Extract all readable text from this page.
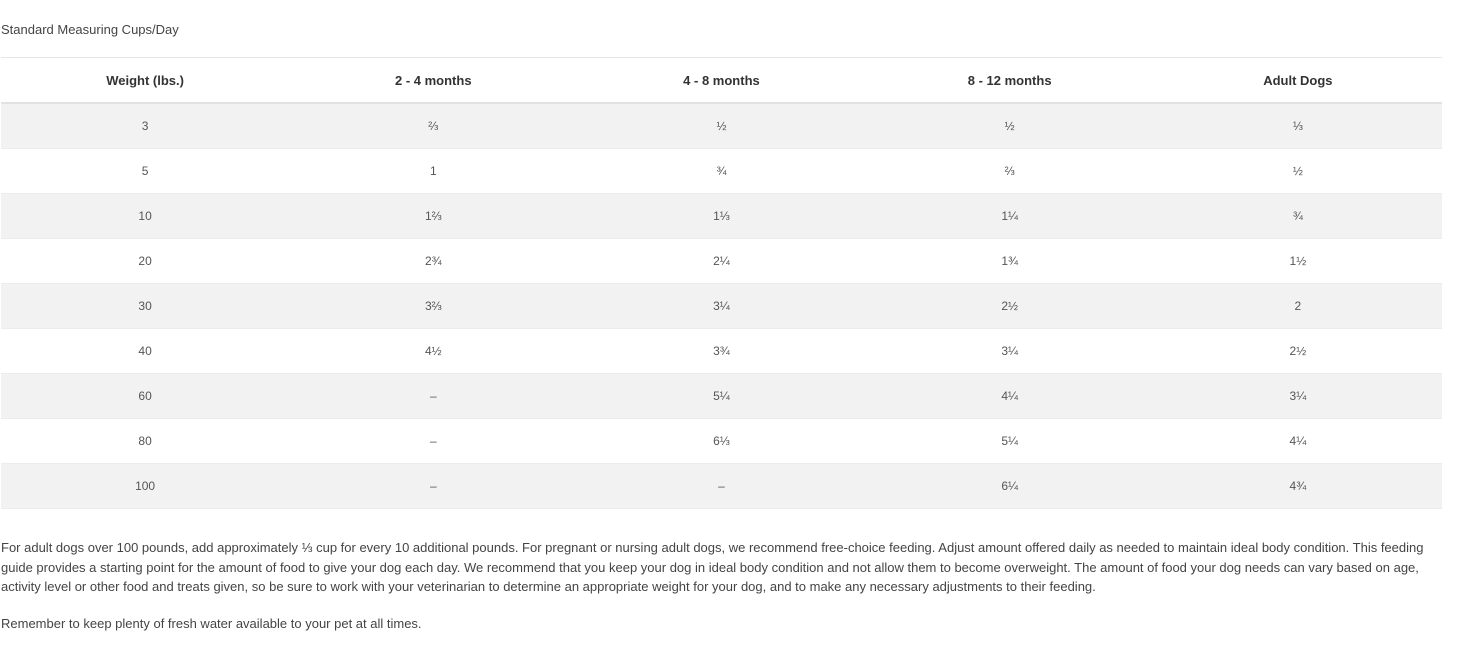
Standard Measuring Cups/Day
Weight (lbs.)	2 - 4 months	4 - 8 months	8 - 12 months	Adult Dogs
3	⅔	½	½	⅓
5	1	¾	⅔	½
10	1⅔	1⅓	1¼	¾
20	2¾	2¼	1¾	1½
30	3⅔	3¼	2½	2
40	4½	3¾	3¼	2½
60	–	5¼	4¼	3¼
80	–	6⅓	5¼	4¼
100	–	–	6¼	4¾

For adult dogs over 100 pounds, add approximately ⅓ cup for every 10 additional pounds. For pregnant or nursing adult dogs, we recommend free-choice feeding. Adjust amount offered daily as needed to maintain ideal body condition. This feeding guide provides a starting point for the amount of food to give your dog each day. We recommend that you keep your dog in ideal body condition and not allow them to become overweight. The amount of food your dog needs can vary based on age, activity level or other food and treats given, so be sure to work with your veterinarian to determine an appropriate weight for your dog, and to make any necessary adjustments to their feeding.

Remember to keep plenty of fresh water available to your pet at all times.
